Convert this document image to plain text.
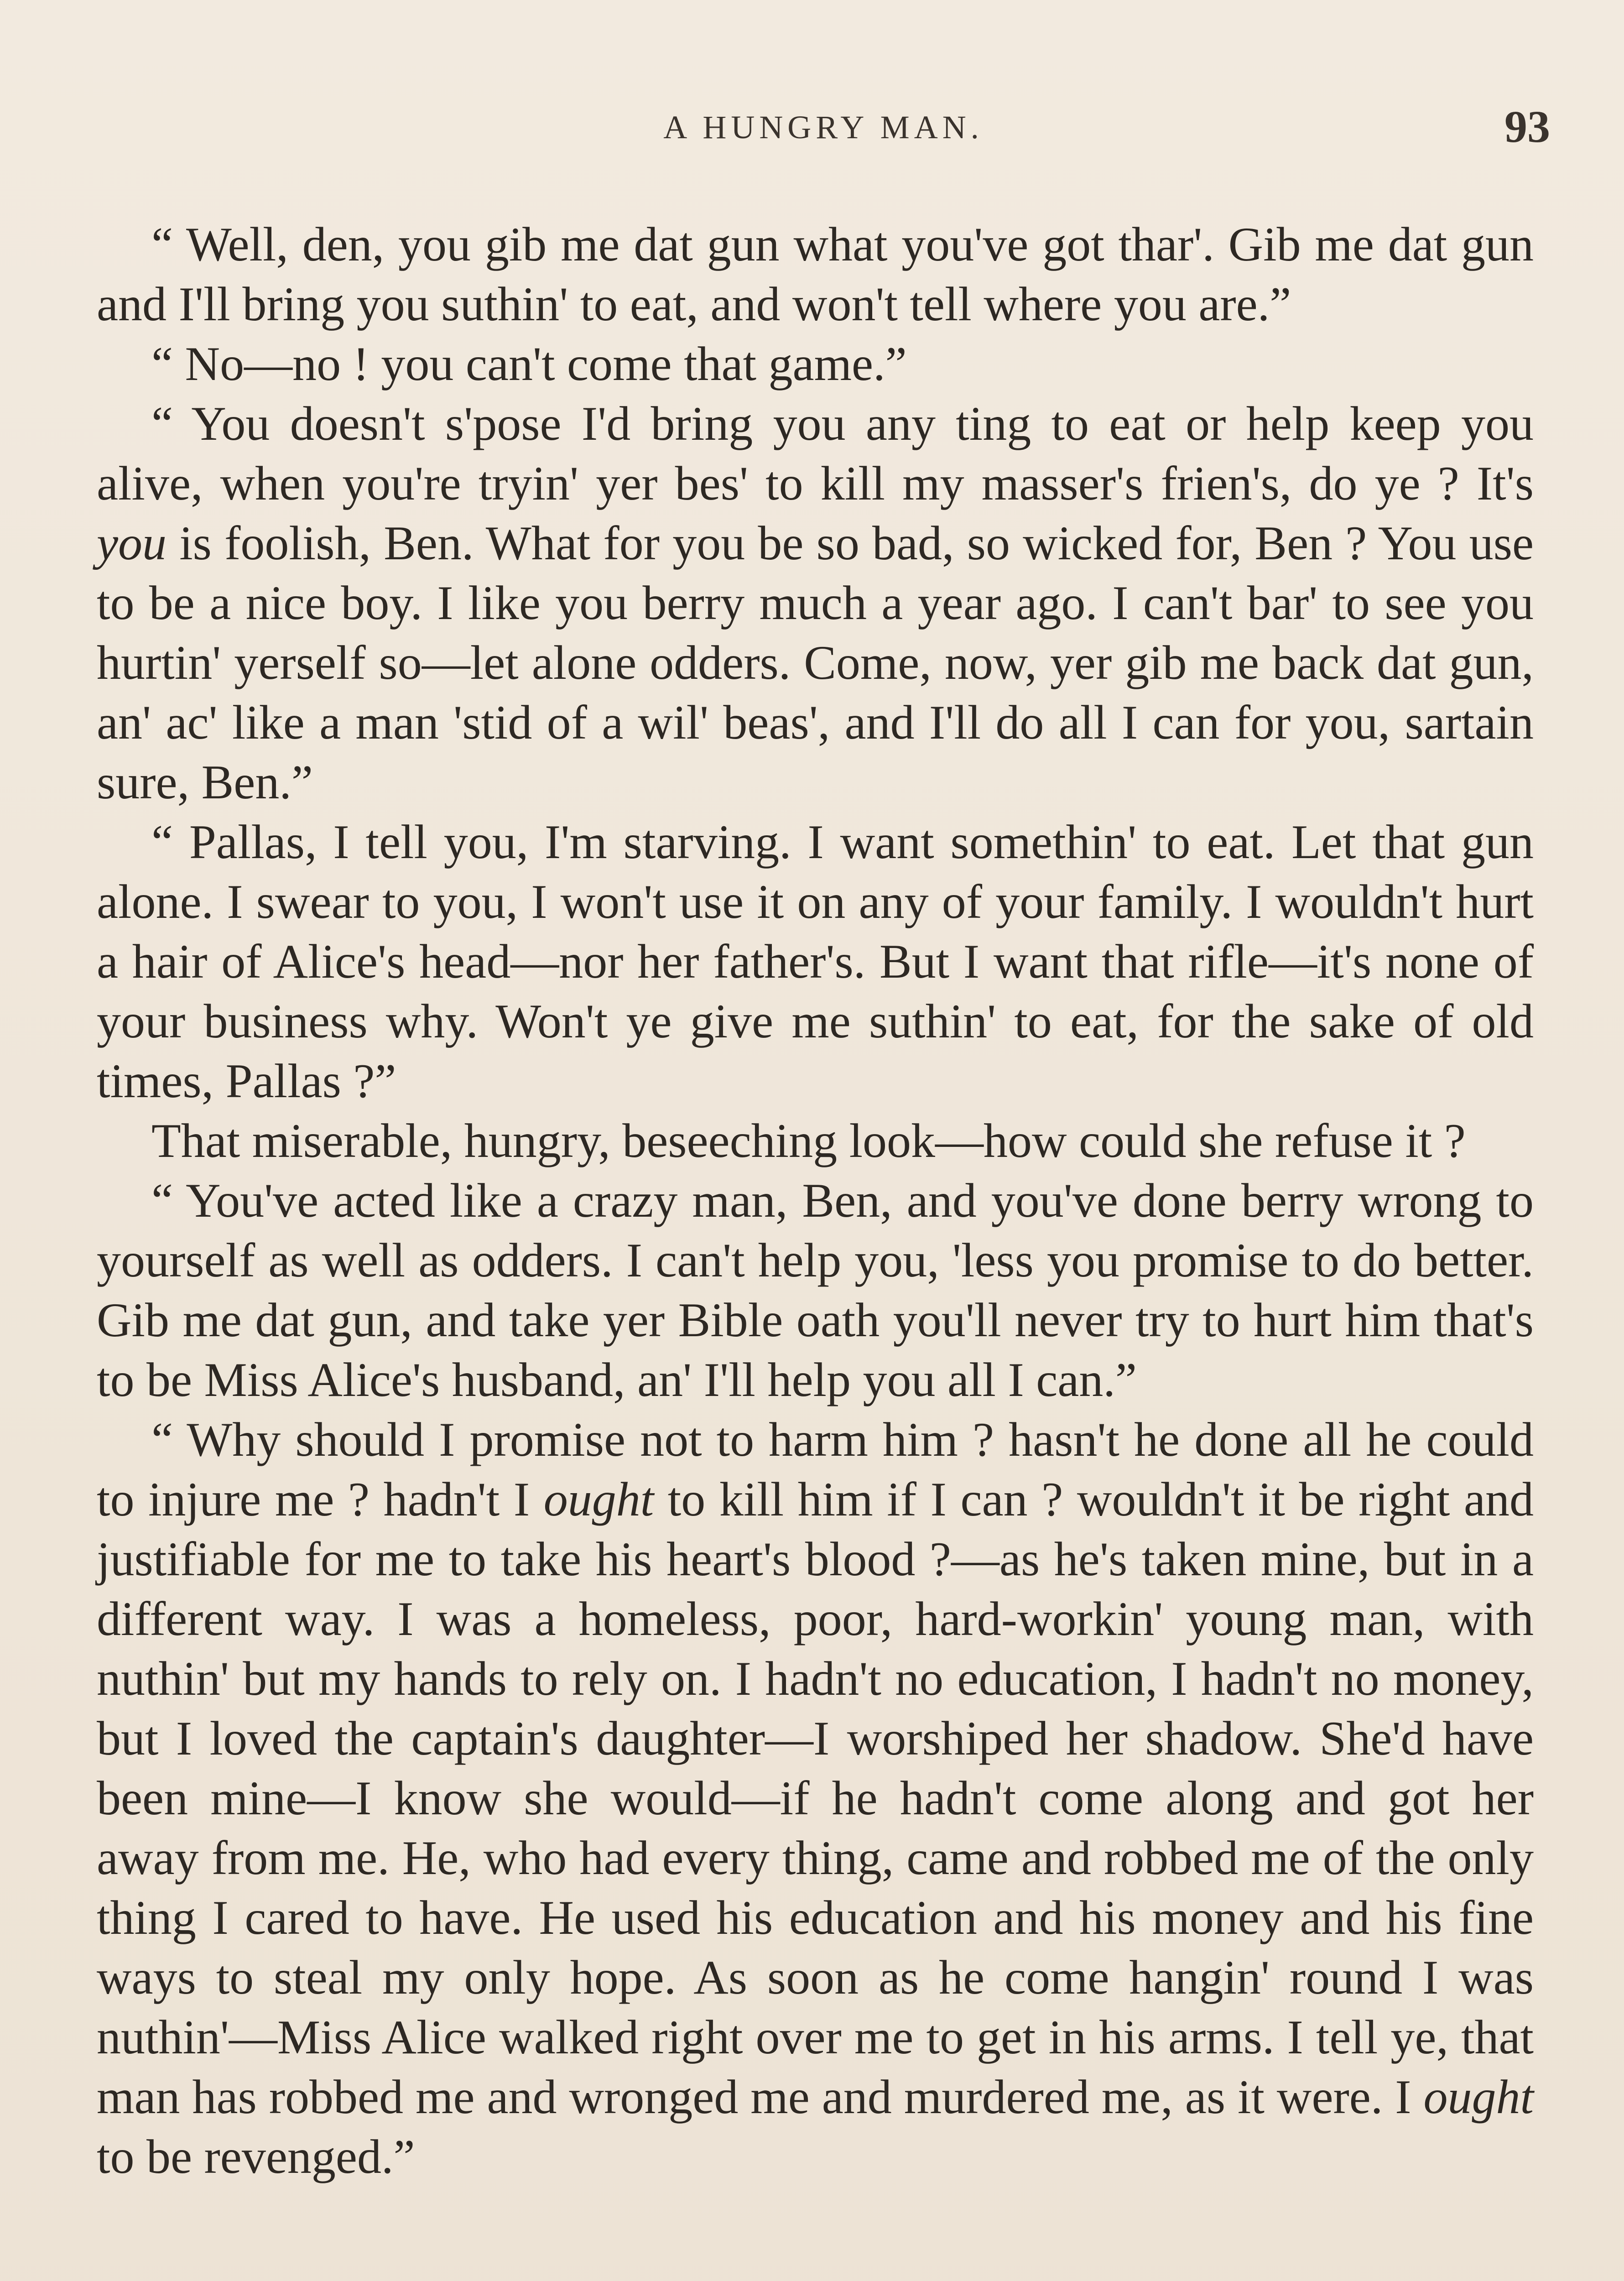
A HUNGRY MAN.	93

“ Well, den, you gib me dat gun what you've got thar'. Gib me dat gun and I'll bring you suthin' to eat, and won't tell where you are.”

“ No—no ! you can't come that game.”

“ You doesn't s'pose I'd bring you any ting to eat or help keep you alive, when you're tryin' yer bes' to kill my masser's frien's, do ye ? It's you is foolish, Ben. What for you be so bad, so wicked for, Ben ? You use to be a nice boy. I like you berry much a year ago. I can't bar' to see you hurtin' yerself so—let alone odders. Come, now, yer gib me back dat gun, an' ac' like a man 'stid of a wil' beas', and I'll do all I can for you, sartain sure, Ben.”

“ Pallas, I tell you, I'm starving. I want somethin' to eat. Let that gun alone. I swear to you, I won't use it on any of your family. I wouldn't hurt a hair of Alice's head—nor her father's. But I want that rifle—it's none of your business why. Won't ye give me suthin' to eat, for the sake of old times, Pallas ?”

That miserable, hungry, beseeching look—how could she refuse it ?

“ You've acted like a crazy man, Ben, and you've done berry wrong to yourself as well as odders. I can't help you, 'less you promise to do better. Gib me dat gun, and take yer Bible oath you'll never try to hurt him that's to be Miss Alice's husband, an' I'll help you all I can.”

“ Why should I promise not to harm him ? hasn't he done all he could to injure me ? hadn't I ought to kill him if I can ? wouldn't it be right and justifiable for me to take his heart's blood ?—as he's taken mine, but in a different way. I was a homeless, poor, hard-workin' young man, with nuthin' but my hands to rely on. I hadn't no education, I hadn't no money, but I loved the captain's daughter—I worshiped her shadow. She'd have been mine—I know she would—if he hadn't come along and got her away from me. He, who had every thing, came and robbed me of the only thing I cared to have. He used his education and his money and his fine ways to steal my only hope. As soon as he come hangin' round I was nuthin'—Miss Alice walked right over me to get in his arms. I tell ye, that man has robbed me and wronged me and murdered me, as it were. I ought to be revenged.”
